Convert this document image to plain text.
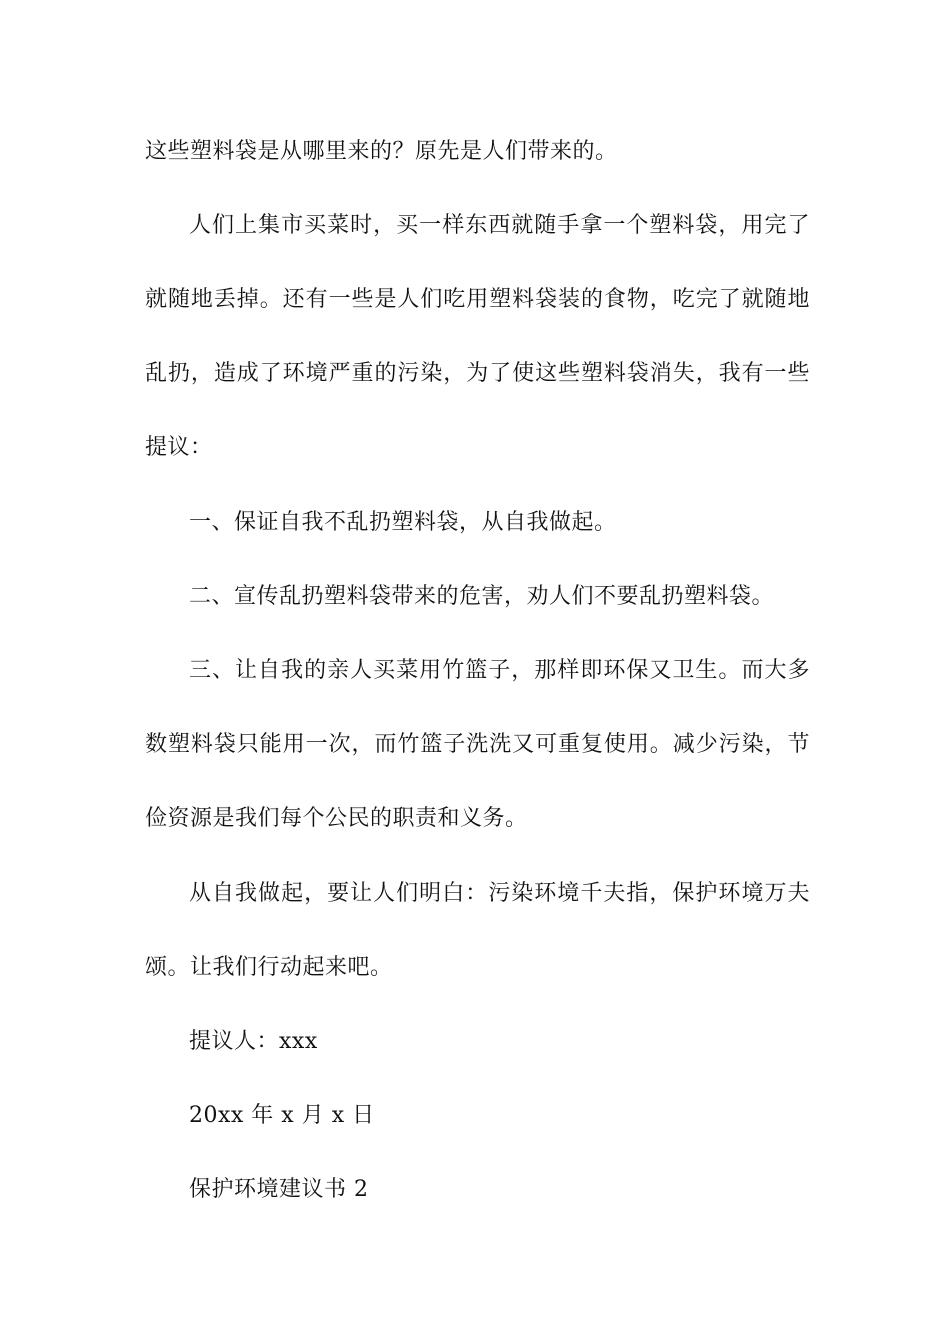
这些塑料袋是从哪里来的？原先是人们带来的。
人们上集市买菜时，买一样东西就随手拿一个塑料袋，用完了
就随地丢掉。还有一些是人们吃用塑料袋装的食物，吃完了就随地
乱扔，造成了环境严重的污染，为了使这些塑料袋消失，我有一些
提议：
一、保证自我不乱扔塑料袋，从自我做起。
二、宣传乱扔塑料袋带来的危害，劝人们不要乱扔塑料袋。
三、让自我的亲人买菜用竹篮子，那样即环保又卫生。而大多
数塑料袋只能用一次，而竹篮子洗洗又可重复使用。减少污染，节
俭资源是我们每个公民的职责和义务。
从自我做起，要让人们明白：污染环境千夫指，保护环境万夫
颂。让我们行动起来吧。
提议人：xxx
20xx 年 x 月 x 日
保护环境建议书 2
